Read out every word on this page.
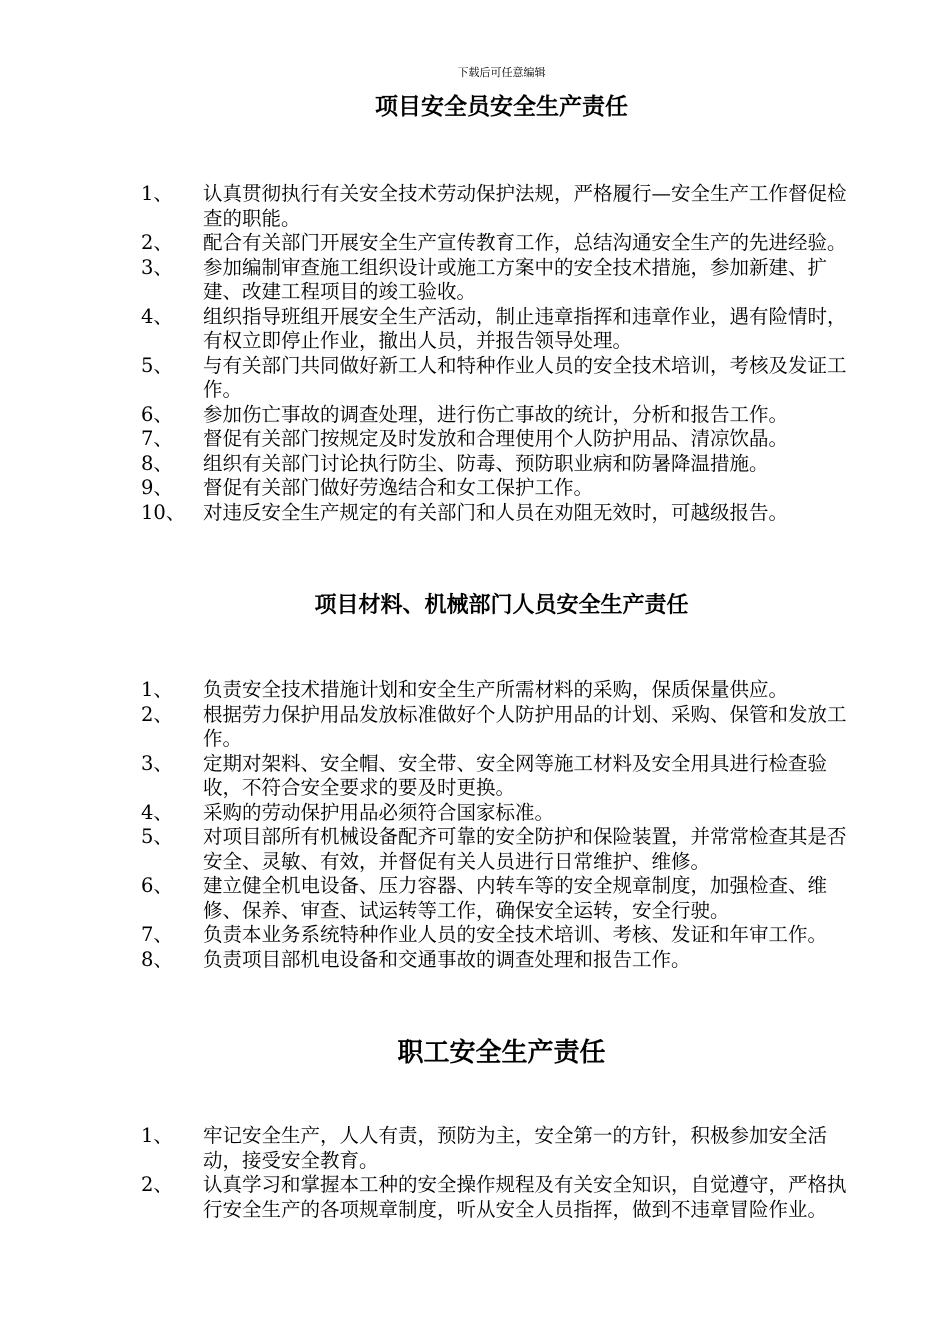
下载后可任意编辑
项目安全员安全生产责任
1、	认真贯彻执行有关安全技术劳动保护法规，严格履行—安全生产工作督促检查的职能。
2、	配合有关部门开展安全生产宣传教育工作，总结沟通安全生产的先进经验。
3、	参加编制审查施工组织设计或施工方案中的安全技术措施，参加新建、扩建、改建工程项目的竣工验收。
4、	组织指导班组开展安全生产活动，制止违章指挥和违章作业，遇有险情时，有权立即停止作业，撤出人员，并报告领导处理。
5、	与有关部门共同做好新工人和特种作业人员的安全技术培训，考核及发证工作。
6、	参加伤亡事故的调查处理，进行伤亡事故的统计，分析和报告工作。
7、	督促有关部门按规定及时发放和合理使用个人防护用品、清凉饮晶。
8、	组织有关部门讨论执行防尘、防毒、预防职业病和防暑降温措施。
9、	督促有关部门做好劳逸结合和女工保护工作。
10、 对违反安全生产规定的有关部门和人员在劝阻无效时，可越级报告。
项目材料、机械部门人员安全生产责任
1、	负责安全技术措施计划和安全生产所需材料的采购，保质保量供应。
2、	根据劳力保护用品发放标准做好个人防护用品的计划、采购、保管和发放工作。
3、	定期对架料、安全帽、安全带、安全网等施工材料及安全用具进行检查验收，不符合安全要求的要及时更换。
4、	采购的劳动保护用品必须符合国家标准。
5、	对项目部所有机械设备配齐可靠的安全防护和保险装置，并常常检查其是否安全、灵敏、有效，并督促有关人员进行日常维护、维修。
6、	建立健全机电设备、压力容器、内转车等的安全规章制度，加强检查、维修、保养、审查、试运转等工作，确保安全运转，安全行驶。
7、	负责本业务系统特种作业人员的安全技术培训、考核、发证和年审工作。
8、	负责项目部机电设备和交通事故的调查处理和报告工作。
职工安全生产责任
1、	牢记安全生产，人人有责，预防为主，安全第一的方针，积极参加安全活动，接受安全教育。
2、	认真学习和掌握本工种的安全操作规程及有关安全知识，自觉遵守，严格执行安全生产的各项规章制度，听从安全人员指挥，做到不违章冒险作业。
